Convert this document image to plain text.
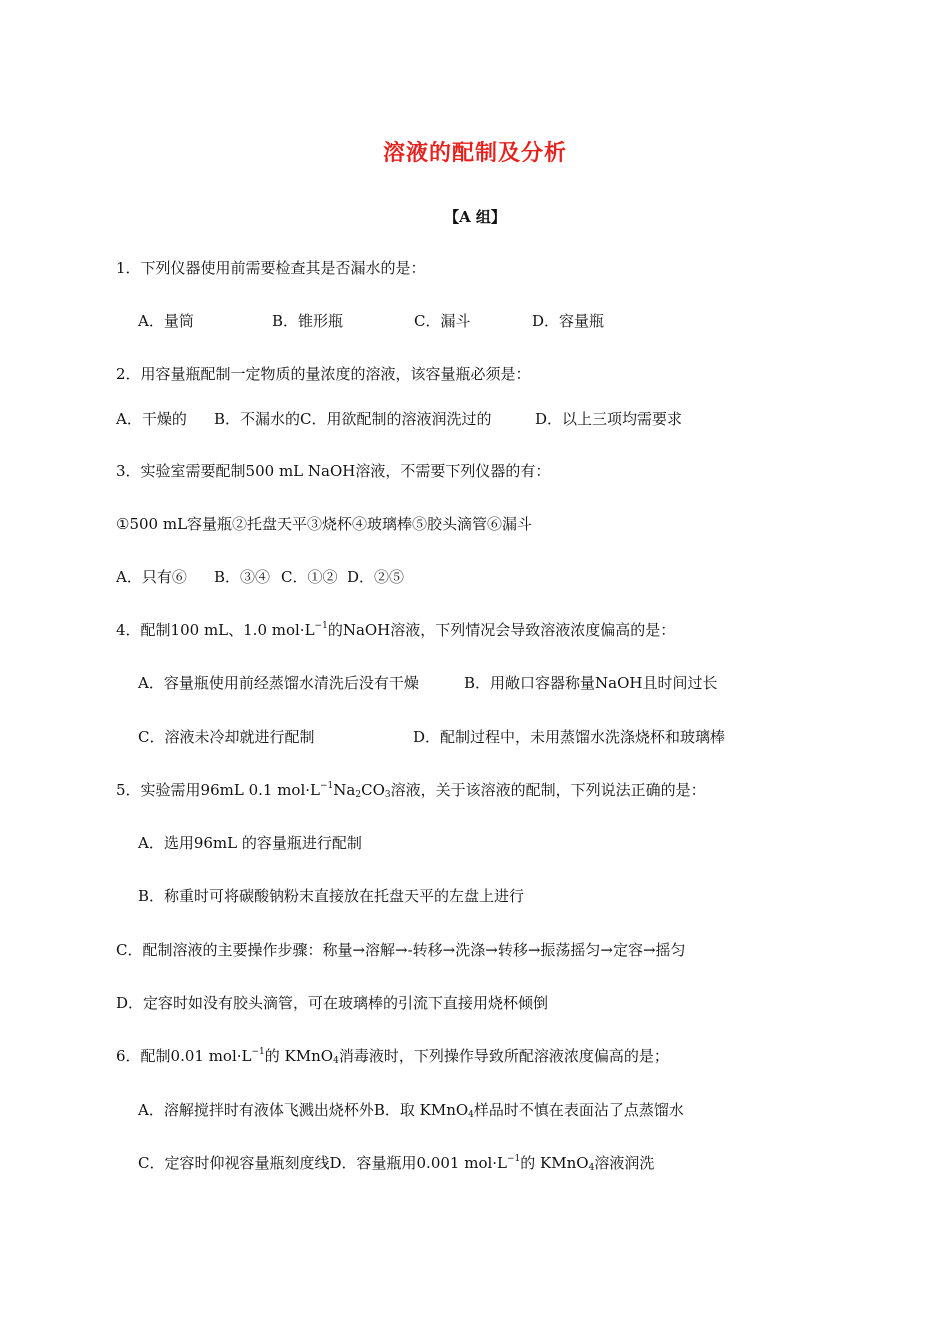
溶液的配制及分析
【A 组】
1．下列仪器使用前需要检查其是否漏水的是：
A．量筒	B．锥形瓶	C．漏斗	D．容量瓶
2．用容量瓶配制一定物质的量浓度的溶液，该容量瓶必须是：
A．干燥的 B．不漏水的C．用欲配制的溶液润洗过的	D．以上三项均需要求
3．实验室需要配制500 mL NaOH溶液，不需要下列仪器的有：
①500 mL容量瓶②托盘天平③烧杯④玻璃棒⑤胶头滴管⑥漏斗
A．只有⑥ B．③④ C．①② D．②⑤
4．配制100 mL、1.0 $mol\cdot L^{-1}$的NaOH溶液，下列情况会导致溶液浓度偏高的是：
A．容量瓶使用前经蒸馏水清洗后没有干燥	B．用敞口容器称量NaOH且时间过长
C．溶液未冷却就进行配制	D．配制过程中，未用蒸馏水洗涤烧杯和玻璃棒
5．实验需用96mL 0.1 $mol\cdot L^{-1}Na_2CO_3$溶液，关于该溶液的配制，下列说法正确的是：
A．选用96mL 的容量瓶进行配制
B．称重时可将碳酸钠粉末直接放在托盘天平的左盘上进行
C．配制溶液的主要操作步骤：称量→溶解→-转移→洗涤→转移→振荡摇匀→定容→摇匀
D．定容时如没有胶头滴管，可在玻璃棒的引流下直接用烧杯倾倒
6．配制0.01 $mol\cdot L^{-1}$的 KMnO$_4$消毒液时，下列操作导致所配溶液浓度偏高的是；
A．溶解搅拌时有液体飞溅出烧杯外B．取 KMnO$_4$样品时不慎在表面沾了点蒸馏水
C．定容时仰视容量瓶刻度线D．容量瓶用0.001 $mol\cdot L^{-1}$的 KMnO$_4$溶液润洗
